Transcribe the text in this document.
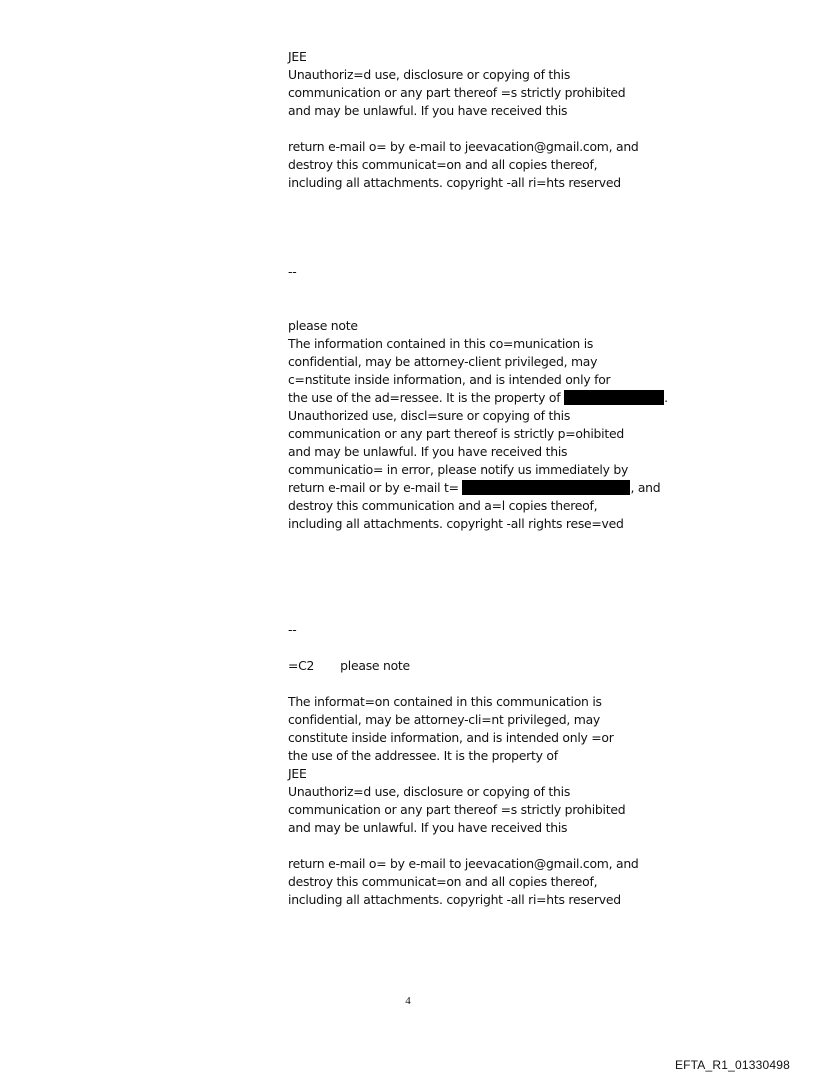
JEE
Unauthoriz=d use, disclosure or copying of this
communication or any part thereof =s strictly prohibited
and may be unlawful. If you have received this
return e-mail o= by e-mail to jeevacation@gmail.com, and
destroy this communicat=on and all copies thereof,
including all attachments. copyright -all ri=hts reserved
--
please note
The information contained in this co=munication is
confidential, may be attorney-client privileged, may
c=nstitute inside information, and is intended only for
the use of the ad=ressee. It is the property of	.
Unauthorized use, discl=sure or copying of this
communication or any part thereof is strictly p=ohibited
and may be unlawful. If you have received this
communicatio= in error, please notify us immediately by
return e-mail or by e-mail t=	, and
destroy this communication and a=l copies thereof,
including all attachments. copyright -all rights rese=ved
--
=C2 please note
The informat=on contained in this communication is
confidential, may be attorney-cli=nt privileged, may
constitute inside information, and is intended only =or
the use of the addressee. It is the property of
JEE
Unauthoriz=d use, disclosure or copying of this
communication or any part thereof =s strictly prohibited
and may be unlawful. If you have received this
return e-mail o= by e-mail to jeevacation@gmail.com, and
destroy this communicat=on and all copies thereof,
including all attachments. copyright -all ri=hts reserved
4
EFTA_R1_01330498
